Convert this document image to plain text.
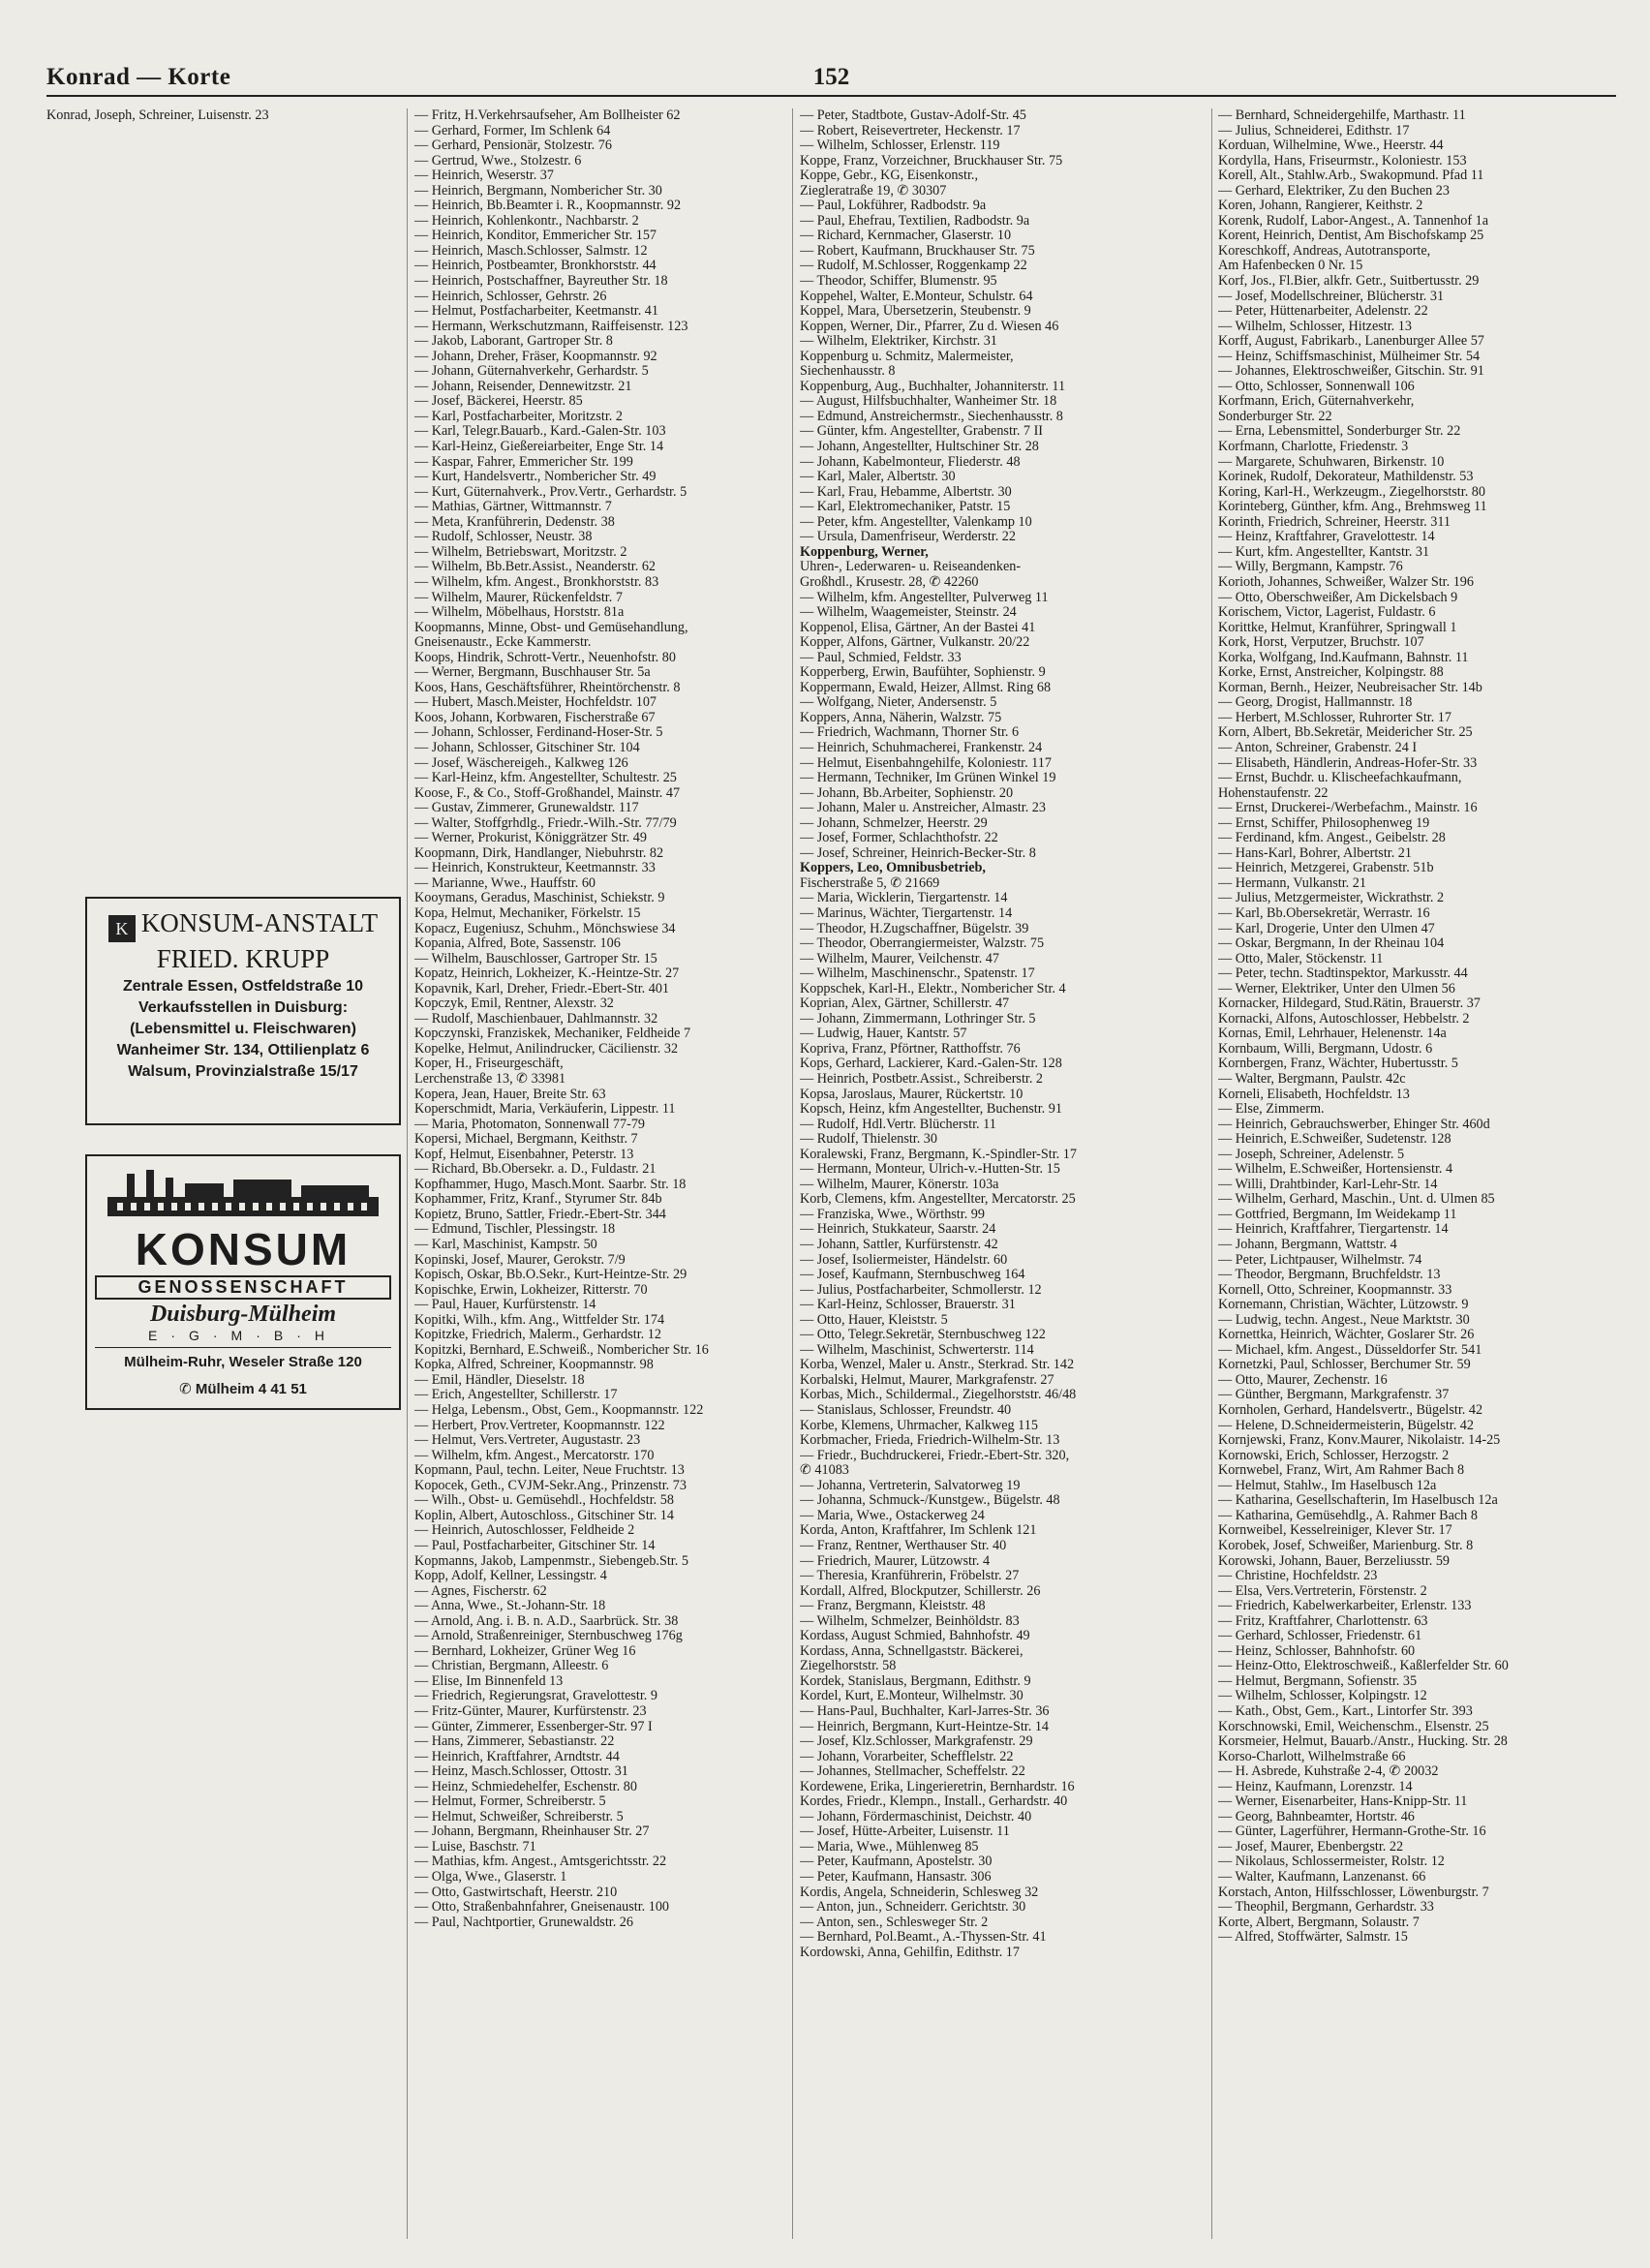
Konrad — Korte	152
Konrad, Joseph, Schreiner, Luisenstr. 23	— Fritz, H.Verkehrsaufseher, Am Bollheister 62
— Gerhard, Former, Im Schlenk 64
— Gerhard, Pensionär, Stolzestr. 76
— Gertrud, Wwe., Stolzestr. 6
— Heinrich, Weserstr. 37
— Heinrich, Bergmann, Nombericher Str. 30
— Heinrich, Bb.Beamter i. R., Koopmannstr. 92
— Heinrich, Kohlenkontr., Nachbarstr. 2
— Heinrich, Konditor, Emmericher Str. 157
— Heinrich, Masch.Schlosser, Salmstr. 12
— Heinrich, Postbeamter, Bronkhorststr. 44
— Heinrich, Postschaffner, Bayreuther Str. 18
— Heinrich, Schlosser, Gehrstr. 26
— Helmut, Postfacharbeiter, Keetmanstr. 41
— Hermann, Werkschutzmann, Raiffeisenstr. 123
— Jakob, Laborant, Gartroper Str. 8
— Johann, Dreher, Fräser, Koopmannstr. 92
— Johann, Güternahverkehr, Gerhardstr. 5
— Johann, Reisender, Dennewitzstr. 21
— Josef, Bäckerei, Heerstr. 85
— Karl, Postfacharbeiter, Moritzstr. 2
— Karl, Telegr.Bauarb., Kard.-Galen-Str. 103
— Karl-Heinz, Gießereiarbeiter, Enge Str. 14
— Kaspar, Fahrer, Emmericher Str. 199
— Kurt, Handelsvertr., Nombericher Str. 49
— Kurt, Güternahverk., Prov.Vertr., Gerhardstr. 5
— Mathias, Gärtner, Wittmannstr. 7
— Meta, Kranführerin, Dedenstr. 38
— Rudolf, Schlosser, Neustr. 38
— Wilhelm, Betriebswart, Moritzstr. 2
— Wilhelm, Bb.Betr.Assist., Neanderstr. 62
— Wilhelm, kfm. Angest., Bronkhorststr. 83
— Wilhelm, Maurer, Rückenfeldstr. 7
— Wilhelm, Möbelhaus, Horststr. 81a
Koopmanns, Minne, Obst- und Gemüsehandlung,
Gneisenaustr., Ecke Kammerstr.
Koops, Hindrik, Schrott-Vertr., Neuenhofstr. 80
— Werner, Bergmann, Buschhauser Str. 5a
Koos, Hans, Geschäftsführer, Rheintörchenstr. 8
— Hubert, Masch.Meister, Hochfeldstr. 107
Koos, Johann, Korbwaren, Fischerstraße 67
— Johann, Schlosser, Ferdinand-Hoser-Str. 5
— Johann, Schlosser, Gitschiner Str. 104
— Josef, Wäschereigeh., Kalkweg 126
— Karl-Heinz, kfm. Angestellter, Schultestr. 25
Koose, F., & Co., Stoff-Großhandel, Mainstr. 47
— Gustav, Zimmerer, Grunewaldstr. 117
— Walter, Stoffgrhdlg., Friedr.-Wilh.-Str. 77/79
— Werner, Prokurist, Königgrätzer Str. 49
Koopmann, Dirk, Handlanger, Niebuhrstr. 82
— Heinrich, Konstrukteur, Keetmannstr. 33
— Marianne, Wwe., Hauffstr. 60
Kooymans, Geradus, Maschinist, Schiekstr. 9
Kopa, Helmut, Mechaniker, Förkelstr. 15
Kopacz, Eugeniusz, Schuhm., Mönchswiese 34
Kopania, Alfred, Bote, Sassenstr. 106
— Wilhelm, Bauschlosser, Gartroper Str. 15
Kopatz, Heinrich, Lokheizer, K.-Heintze-Str. 27
Kopavnik, Karl, Dreher, Friedr.-Ebert-Str. 401
Kopczyk, Emil, Rentner, Alexstr. 32
— Rudolf, Maschienbauer, Dahlmannstr. 32
Kopczynski, Franziskek, Mechaniker, Feldheide 7
Kopelke, Helmut, Anilindrucker, Cäcilienstr. 32
Koper, H., Friseurgeschäft,
Lerchenstraße 13, ✆ 33981
Kopera, Jean, Hauer, Breite Str. 63
Koperschmidt, Maria, Verkäuferin, Lippestr. 11
— Maria, Photomaton, Sonnenwall 77-79
Kopersi, Michael, Bergmann, Keithstr. 7
Kopf, Helmut, Eisenbahner, Peterstr. 13
— Richard, Bb.Obersekr. a. D., Fuldastr. 21
Kopfhammer, Hugo, Masch.Mont. Saarbr. Str. 18
Kophammer, Fritz, Kranf., Styrumer Str. 84b
Kopietz, Bruno, Sattler, Friedr.-Ebert-Str. 344
— Edmund, Tischler, Plessingstr. 18
— Karl, Maschinist, Kampstr. 50
Kopinski, Josef, Maurer, Gerokstr. 7/9
Kopisch, Oskar, Bb.O.Sekr., Kurt-Heintze-Str. 29
Kopischke, Erwin, Lokheizer, Ritterstr. 70
— Paul, Hauer, Kurfürstenstr. 14
Kopitki, Wilh., kfm. Ang., Wittfelder Str. 174
Kopitzke, Friedrich, Malerm., Gerhardstr. 12
Kopitzki, Bernhard, E.Schweiß., Nombericher Str. 16
Kopka, Alfred, Schreiner, Koopmannstr. 98
— Emil, Händler, Dieselstr. 18
— Erich, Angestellter, Schillerstr. 17
— Helga, Lebensm., Obst, Gem., Koopmannstr. 122
— Herbert, Prov.Vertreter, Koopmannstr. 122
— Helmut, Vers.Vertreter, Augustastr. 23
— Wilhelm, kfm. Angest., Mercatorstr. 170
Kopmann, Paul, techn. Leiter, Neue Fruchtstr. 13
Kopocek, Geth., CVJM-Sekr.Ang., Prinzenstr. 73
— Wilh., Obst- u. Gemüsehdl., Hochfeldstr. 58
Koplin, Albert, Autoschloss., Gitschiner Str. 14
— Heinrich, Autoschlosser, Feldheide 2
— Paul, Postfacharbeiter, Gitschiner Str. 14
Kopmanns, Jakob, Lampenmstr., Siebengeb.Str. 5
Kopp, Adolf, Kellner, Lessingstr. 4
— Agnes, Fischerstr. 62
— Anna, Wwe., St.-Johann-Str. 18
— Arnold, Ang. i. B. n. A.D., Saarbrück. Str. 38
— Arnold, Straßenreiniger, Sternbuschweg 176g
— Bernhard, Lokheizer, Grüner Weg 16
— Christian, Bergmann, Alleestr. 6
— Elise, Im Binnenfeld 13
— Friedrich, Regierungsrat, Gravelottestr. 9
— Fritz-Günter, Maurer, Kurfürstenstr. 23
— Günter, Zimmerer, Essenberger-Str. 97 I
— Hans, Zimmerer, Sebastianstr. 22
— Heinrich, Kraftfahrer, Arndtstr. 44
— Heinz, Masch.Schlosser, Ottostr. 31
— Heinz, Schmiedehelfer, Eschenstr. 80
— Helmut, Former, Schreiberstr. 5
— Helmut, Schweißer, Schreiberstr. 5
— Johann, Bergmann, Rheinhauser Str. 27
— Luise, Baschstr. 71
— Mathias, kfm. Angest., Amtsgerichtsstr. 22
— Olga, Wwe., Glaserstr. 1
— Otto, Gastwirtschaft, Heerstr. 210
— Otto, Straßenbahnfahrer, Gneisenaustr. 100
— Paul, Nachtportier, Grunewaldstr. 26
— Peter, Stadtbote, Gustav-Adolf-Str. 45
— Robert, Reisevertreter, Heckenstr. 17
— Wilhelm, Schlosser, Erlenstr. 119
Koppe, Franz, Vorzeichner, Bruckhauser Str. 75
Koppe, Gebr., KG, Eisenkonstr.,
Ziegleratraße 19, ✆ 30307
— Paul, Lokführer, Radbodstr. 9a
— Paul, Ehefrau, Textilien, Radbodstr. 9a
— Richard, Kernmacher, Glaserstr. 10
— Robert, Kaufmann, Bruckhauser Str. 75
— Rudolf, M.Schlosser, Roggenkamp 22
— Theodor, Schiffer, Blumenstr. 95
Koppehel, Walter, E.Monteur, Schulstr. 64
Koppel, Mara, Übersetzerin, Steubenstr. 9
Koppen, Werner, Dir., Pfarrer, Zu d. Wiesen 46
— Wilhelm, Elektriker, Kirchstr. 31
Koppenburg u. Schmitz, Malermeister,
Siechenhausstr. 8
Koppenburg, Aug., Buchhalter, Johanniterstr. 11
— August, Hilfsbuchhalter, Wanheimer Str. 18
— Edmund, Anstreichermstr., Siechenhausstr. 8
— Günter, kfm. Angestellter, Grabenstr. 7 II
— Johann, Angestellter, Hultschiner Str. 28
— Johann, Kabelmonteur, Fliederstr. 48
— Karl, Maler, Albertstr. 30
— Karl, Frau, Hebamme, Albertstr. 30
— Karl, Elektromechaniker, Patstr. 15
— Peter, kfm. Angestellter, Valenkamp 10
— Ursula, Damenfriseur, Werderstr. 22
Koppenburg, Werner,
Uhren-, Lederwaren- u. Reiseandenken-
Großhdl., Krusestr. 28, ✆ 42260
— Wilhelm, kfm. Angestellter, Pulverweg 11
— Wilhelm, Waagemeister, Steinstr. 24
Koppenol, Elisa, Gärtner, An der Bastei 41
Kopper, Alfons, Gärtner, Vulkanstr. 20/22
— Paul, Schmied, Feldstr. 33
Kopperberg, Erwin, Baufühter, Sophienstr. 9
Koppermann, Ewald, Heizer, Allmst. Ring 68
— Wolfgang, Nieter, Andersenstr. 5
Koppers, Anna, Näherin, Walzstr. 75
— Friedrich, Wachmann, Thorner Str. 6
— Heinrich, Schuhmacherei, Frankenstr. 24
— Helmut, Eisenbahngehilfe, Koloniestr. 117
— Hermann, Techniker, Im Grünen Winkel 19
— Johann, Bb.Arbeiter, Sophienstr. 20
— Johann, Maler u. Anstreicher, Almastr. 23
— Johann, Schmelzer, Heerstr. 29
— Josef, Former, Schlachthofstr. 22
— Josef, Schreiner, Heinrich-Becker-Str. 8
Koppers, Leo, Omnibusbetrieb,
Fischerstraße 5, ✆ 21669
— Maria, Wicklerin, Tiergartenstr. 14
— Marinus, Wächter, Tiergartenstr. 14
— Theodor, H.Zugschaffner, Bügelstr. 39
— Theodor, Oberrangiermeister, Walzstr. 75
— Wilhelm, Maurer, Veilchenstr. 47
— Wilhelm, Maschinenschr., Spatenstr. 17
Koppschek, Karl-H., Elektr., Nombericher Str. 4
Koprian, Alex, Gärtner, Schillerstr. 47
— Johann, Zimmermann, Lothringer Str. 5
— Ludwig, Hauer, Kantstr. 57
Kopriva, Franz, Pförtner, Ratthoffstr. 76
Kops, Gerhard, Lackierer, Kard.-Galen-Str. 128
— Heinrich, Postbetr.Assist., Schreiberstr. 2
Kopsa, Jaroslaus, Maurer, Rückertstr. 10
Kopsch, Heinz, kfm Angestellter, Buchenstr. 91
— Rudolf, Hdl.Vertr. Blücherstr. 11
— Rudolf, Thielenstr. 30
Koralewski, Franz, Bergmann, K.-Spindler-Str. 17
— Hermann, Monteur, Ulrich-v.-Hutten-Str. 15
— Wilhelm, Maurer, Könerstr. 103a
Korb, Clemens, kfm. Angestellter, Mercatorstr. 25
— Franziska, Wwe., Wörthstr. 99
— Heinrich, Stukkateur, Saarstr. 24
— Johann, Sattler, Kurfürstenstr. 42
— Josef, Isoliermeister, Händelstr. 60
— Josef, Kaufmann, Sternbuschweg 164
— Julius, Postfacharbeiter, Schmollerstr. 12
— Karl-Heinz, Schlosser, Brauerstr. 31
— Otto, Hauer, Kleiststr. 5
— Otto, Telegr.Sekretär, Sternbuschweg 122
— Wilhelm, Maschinist, Schwerterstr. 114
Korba, Wenzel, Maler u. Anstr., Sterkrad. Str. 142
Korbalski, Helmut, Maurer, Markgrafenstr. 27
Korbas, Mich., Schildermal., Ziegelhorststr. 46/48
— Stanislaus, Schlosser, Freundstr. 40
Korbe, Klemens, Uhrmacher, Kalkweg 115
Korbmacher, Frieda, Friedrich-Wilhelm-Str. 13
— Friedr., Buchdruckerei, Friedr.-Ebert-Str. 320,
✆ 41083
— Johanna, Vertreterin, Salvatorweg 19
— Johanna, Schmuck-/Kunstgew., Bügelstr. 48
— Maria, Wwe., Ostackerweg 24
Korda, Anton, Kraftfahrer, Im Schlenk 121
— Franz, Rentner, Werthauser Str. 40
— Friedrich, Maurer, Lützowstr. 4
— Theresia, Kranführerin, Fröbelstr. 27
Kordall, Alfred, Blockputzer, Schillerstr. 26
— Franz, Bergmann, Kleiststr. 48
— Wilhelm, Schmelzer, Beinhöldstr. 83
Kordass, August Schmied, Bahnhofstr. 49
Kordass, Anna, Schnellgaststr. Bäckerei,
Ziegelhorststr. 58
Kordek, Stanislaus, Bergmann, Edithstr. 9
Kordel, Kurt, E.Monteur, Wilhelmstr. 30
— Hans-Paul, Buchhalter, Karl-Jarres-Str. 36
— Heinrich, Bergmann, Kurt-Heintze-Str. 14
— Josef, Klz.Schlosser, Markgrafenstr. 29
— Johann, Vorarbeiter, Schefflelstr. 22
— Johannes, Stellmacher, Scheffelstr. 22
Kordewene, Erika, Lingerieretrin, Bernhardstr. 16
Kordes, Friedr., Klempn., Install., Gerhardstr. 40
— Johann, Fördermaschinist, Deichstr. 40
— Josef, Hütte-Arbeiter, Luisenstr. 11
— Maria, Wwe., Mühlenweg 85
— Peter, Kaufmann, Apostelstr. 30
— Peter, Kaufmann, Hansastr. 306
Kordis, Angela, Schneiderin, Schlesweg 32
— Anton, jun., Schneiderr. Gerichtstr. 30
— Anton, sen., Schlesweger Str. 2
— Bernhard, Pol.Beamt., A.-Thyssen-Str. 41
Kordowski, Anna, Gehilfin, Edithstr. 17
— Bernhard, Schneidergehilfe, Marthastr. 11
— Julius, Schneiderei, Edithstr. 17
Korduan, Wilhelmine, Wwe., Heerstr. 44
Kordylla, Hans, Friseurmstr., Koloniestr. 153
Korell, Alt., Stahlw.Arb., Swakopmund. Pfad 11
— Gerhard, Elektriker, Zu den Buchen 23
Koren, Johann, Rangierer, Keithstr. 2
Korenk, Rudolf, Labor-Angest., A. Tannenhof 1a
Korent, Heinrich, Dentist, Am Bischofskamp 25
Koreschkoff, Andreas, Autotransporte,
Am Hafenbecken 0 Nr. 15
Korf, Jos., Fl.Bier, alkfr. Getr., Suitbertusstr. 29
— Josef, Modellschreiner, Blücherstr. 31
— Peter, Hüttenarbeiter, Adelenstr. 22
— Wilhelm, Schlosser, Hitzestr. 13
Korff, August, Fabrikarb., Lanenburger Allee 57
— Heinz, Schiffsmaschinist, Mülheimer Str. 54
— Johannes, Elektroschweißer, Gitschin. Str. 91
— Otto, Schlosser, Sonnenwall 106
Korfmann, Erich, Güternahverkehr,
Sonderburger Str. 22
— Erna, Lebensmittel, Sonderburger Str. 22
Korfmann, Charlotte, Friedenstr. 3
— Margarete, Schuhwaren, Birkenstr. 10
Korinek, Rudolf, Dekorateur, Mathildenstr. 53
Koring, Karl-H., Werkzeugm., Ziegelhorststr. 80
Korinteberg, Günther, kfm. Ang., Brehmsweg 11
Korinth, Friedrich, Schreiner, Heerstr. 311
— Heinz, Kraftfahrer, Gravelottestr. 14
— Kurt, kfm. Angestellter, Kantstr. 31
— Willy, Bergmann, Kampstr. 76
Korioth, Johannes, Schweißer, Walzer Str. 196
— Otto, Oberschweißer, Am Dickelsbach 9
Korischem, Victor, Lagerist, Fuldastr. 6
Korittke, Helmut, Kranführer, Springwall 1
Kork, Horst, Verputzer, Bruchstr. 107
Korka, Wolfgang, Ind.Kaufmann, Bahnstr. 11
Korke, Ernst, Anstreicher, Kolpingstr. 88
Korman, Bernh., Heizer, Neubreisacher Str. 14b
— Georg, Drogist, Hallmannstr. 18
— Herbert, M.Schlosser, Ruhrorter Str. 17
Korn, Albert, Bb.Sekretär, Meidericher Str. 25
— Anton, Schreiner, Grabenstr. 24 I
— Elisabeth, Händlerin, Andreas-Hofer-Str. 33
— Ernst, Buchdr. u. Klischeefachkaufmann,
Hohenstaufenstr. 22
— Ernst, Druckerei-/Werbefachm., Mainstr. 16
— Ernst, Schiffer, Philosophenweg 19
— Ferdinand, kfm. Angest., Geibelstr. 28
— Hans-Karl, Bohrer, Albertstr. 21
— Heinrich, Metzgerei, Grabenstr. 51b
— Hermann, Vulkanstr. 21
— Julius, Metzgermeister, Wickrathstr. 2
— Karl, Bb.Obersekretär, Werrastr. 16
— Karl, Drogerie, Unter den Ulmen 47
— Oskar, Bergmann, In der Rheinau 104
— Otto, Maler, Stöckenstr. 11
— Peter, techn. Stadtinspektor, Markusstr. 44
— Werner, Elektriker, Unter den Ulmen 56
Kornacker, Hildegard, Stud.Rätin, Brauerstr. 37
Kornacki, Alfons, Autoschlosser, Hebbelstr. 2
Kornas, Emil, Lehrhauer, Helenenstr. 14a
Kornbaum, Willi, Bergmann, Udostr. 6
Kornbergen, Franz, Wächter, Hubertusstr. 5
— Walter, Bergmann, Paulstr. 42c
Korneli, Elisabeth, Hochfeldstr. 13
— Else, Zimmerm.
— Heinrich, Gebrauchswerber, Ehinger Str. 460d
— Heinrich, E.Schweißer, Sudetenstr. 128
— Joseph, Schreiner, Adelenstr. 5
— Wilhelm, E.Schweißer, Hortensienstr. 4
— Willi, Drahtbinder, Karl-Lehr-Str. 14
— Wilhelm, Gerhard, Maschin., Unt. d. Ulmen 85
— Gottfried, Bergmann, Im Weidekamp 11
— Heinrich, Kraftfahrer, Tiergartenstr. 14
— Johann, Bergmann, Wattstr. 4
— Peter, Lichtpauser, Wilhelmstr. 74
— Theodor, Bergmann, Bruchfeldstr. 13
Kornell, Otto, Schreiner, Koopmannstr. 33
Kornemann, Christian, Wächter, Lützowstr. 9
— Ludwig, techn. Angest., Neue Marktstr. 30
Kornettka, Heinrich, Wächter, Goslarer Str. 26
— Michael, kfm. Angest., Düsseldorfer Str. 541
Kornetzki, Paul, Schlosser, Berchumer Str. 59
— Otto, Maurer, Zechenstr. 16
— Günther, Bergmann, Markgrafenstr. 37
Kornholen, Gerhard, Handelsvertr., Bügelstr. 42
— Helene, D.Schneidermeisterin, Bügelstr. 42
Kornjewski, Franz, Konv.Maurer, Nikolaistr. 14-25
Kornowski, Erich, Schlosser, Herzogstr. 2
Kornwebel, Franz, Wirt, Am Rahmer Bach 8
— Helmut, Stahlw., Im Haselbusch 12a
— Katharina, Gesellschafterin, Im Haselbusch 12a
— Katharina, Gemüsehdlg., A. Rahmer Bach 8
Kornweibel, Kesselreiniger, Klever Str. 17
Korobek, Josef, Schweißer, Marienburg. Str. 8
Korowski, Johann, Bauer, Berzeliusstr. 59
— Christine, Hochfeldstr. 23
— Elsa, Vers.Vertreterin, Förstenstr. 2
— Friedrich, Kabelwerkarbeiter, Erlenstr. 133
— Fritz, Kraftfahrer, Charlottenstr. 63
— Gerhard, Schlosser, Friedenstr. 61
— Heinz, Schlosser, Bahnhofstr. 60
— Heinz-Otto, Elektroschweiß., Kaßlerfelder Str. 60
— Helmut, Bergmann, Sofienstr. 35
— Wilhelm, Schlosser, Kolpingstr. 12
— Kath., Obst, Gem., Kart., Lintorfer Str. 393
Korschnowski, Emil, Weichenschm., Elsenstr. 25
Korsmeier, Helmut, Bauarb./Anstr., Hucking. Str. 28
Korso-Charlott, Wilhelmstraße 66
— H. Asbrede, Kuhstraße 2-4, ✆ 20032
— Heinz, Kaufmann, Lorenzstr. 14
— Werner, Eisenarbeiter, Hans-Knipp-Str. 11
— Georg, Bahnbeamter, Hortstr. 46
— Günter, Lagerführer, Hermann-Grothe-Str. 16
— Josef, Maurer, Ebenbergstr. 22
— Nikolaus, Schlossermeister, Rolstr. 12
— Walter, Kaufmann, Lanzenanst. 66
Korstach, Anton, Hilfsschlosser, Löwenburgstr. 7
— Theophil, Bergmann, Gerhardstr. 33
Korte, Albert, Bergmann, Solaustr. 7
— Alfred, Stoffwärter, Salmstr. 15
K KONSUM-ANSTALT
FRIED. KRUPP
Zentrale Essen, Ostfeldstraße 10
Verkaufsstellen in Duisburg:
(Lebensmittel u. Fleischwaren)
Wanheimer Str. 134, Ottilienplatz 6
Walsum, Provinzialstraße 15/17
KONSUM
GENOSSENSCHAFT
Duisburg-Mülheim
E·G·M·B·H
Mülheim-Ruhr, Weseler Straße 120
✆ Mülheim 4 41 51
